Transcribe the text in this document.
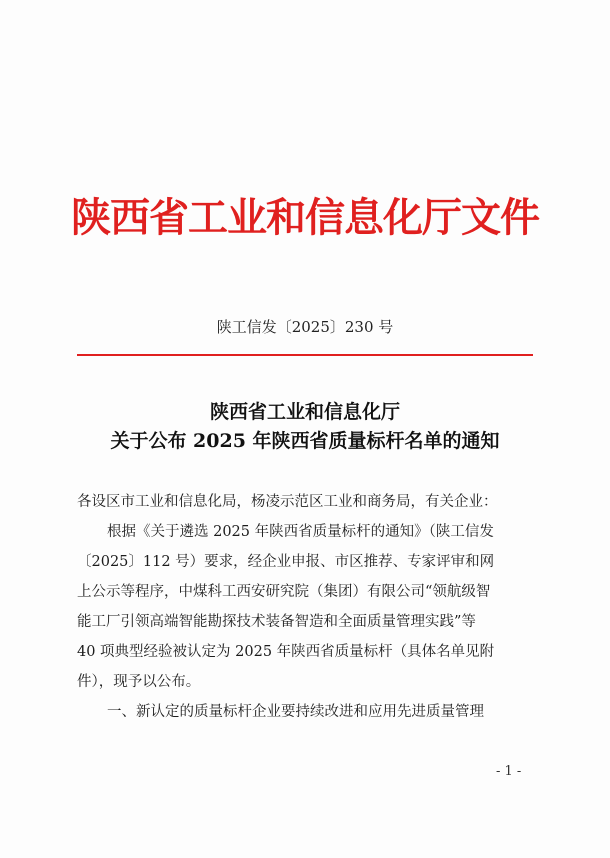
陕西省工业和信息化厅文件
陕工信发〔2025〕230 号
陕西省工业和信息化厅
关于公布 2025 年陕西省质量标杆名单的通知
各设区市工业和信息化局，杨凌示范区工业和商务局，有关企业：
根据《关于遴选 2025 年陕西省质量标杆的通知》（陕工信发
〔2025〕112 号）要求，经企业申报、市区推荐、专家评审和网
上公示等程序，中煤科工西安研究院（集团）有限公司“领航级智
能工厂引领高端智能勘探技术装备智造和全面质量管理实践”等
40 项典型经验被认定为 2025 年陕西省质量标杆（具体名单见附
件），现予以公布。
一、新认定的质量标杆企业要持续改进和应用先进质量管理
- 1 -
